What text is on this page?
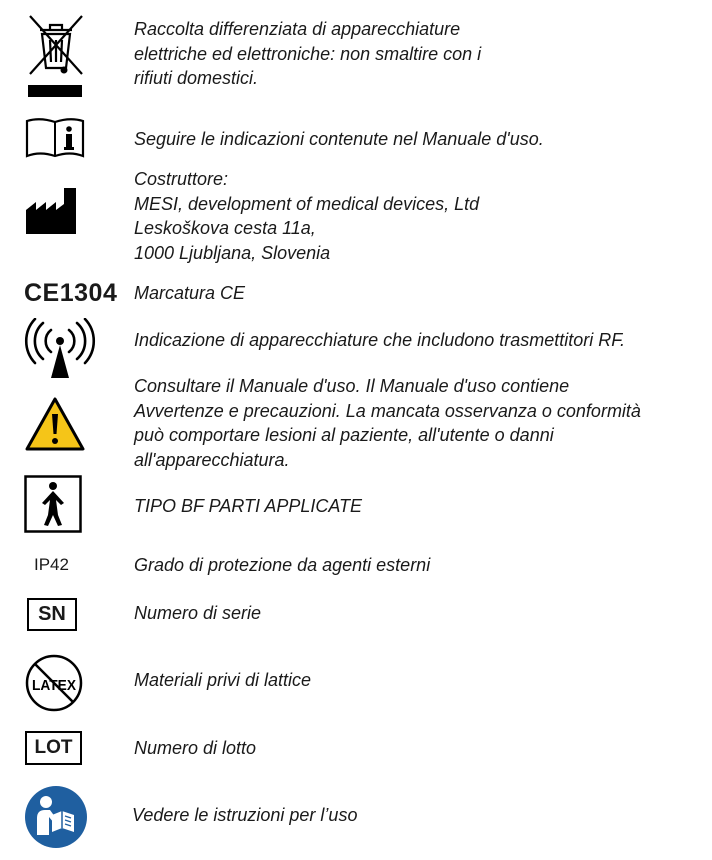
Raccolta differenziata di apparecchiature
elettriche ed elettroniche: non smaltire con i
rifiuti domestici.
Seguire le indicazioni contenute nel Manuale d'uso.
Costruttore:
MESI, development of medical devices, Ltd
Leskoškova cesta 11a,
1000 Ljubljana, Slovenia
CE1304 Marcatura CE
Indicazione di apparecchiature che includono trasmettitori RF.
Consultare il Manuale d'uso. Il Manuale d'uso contiene
Avvertenze e precauzioni. La mancata osservanza o conformità
può comportare lesioni al paziente, all'utente o danni
all'apparecchiatura.
TIPO BF PARTI APPLICATE
IP42	Grado di protezione da agenti esterni
SN	Numero di serie
LATEX	Materiali privi di lattice
LOT	Numero di lotto
Vedere le istruzioni per l’uso
